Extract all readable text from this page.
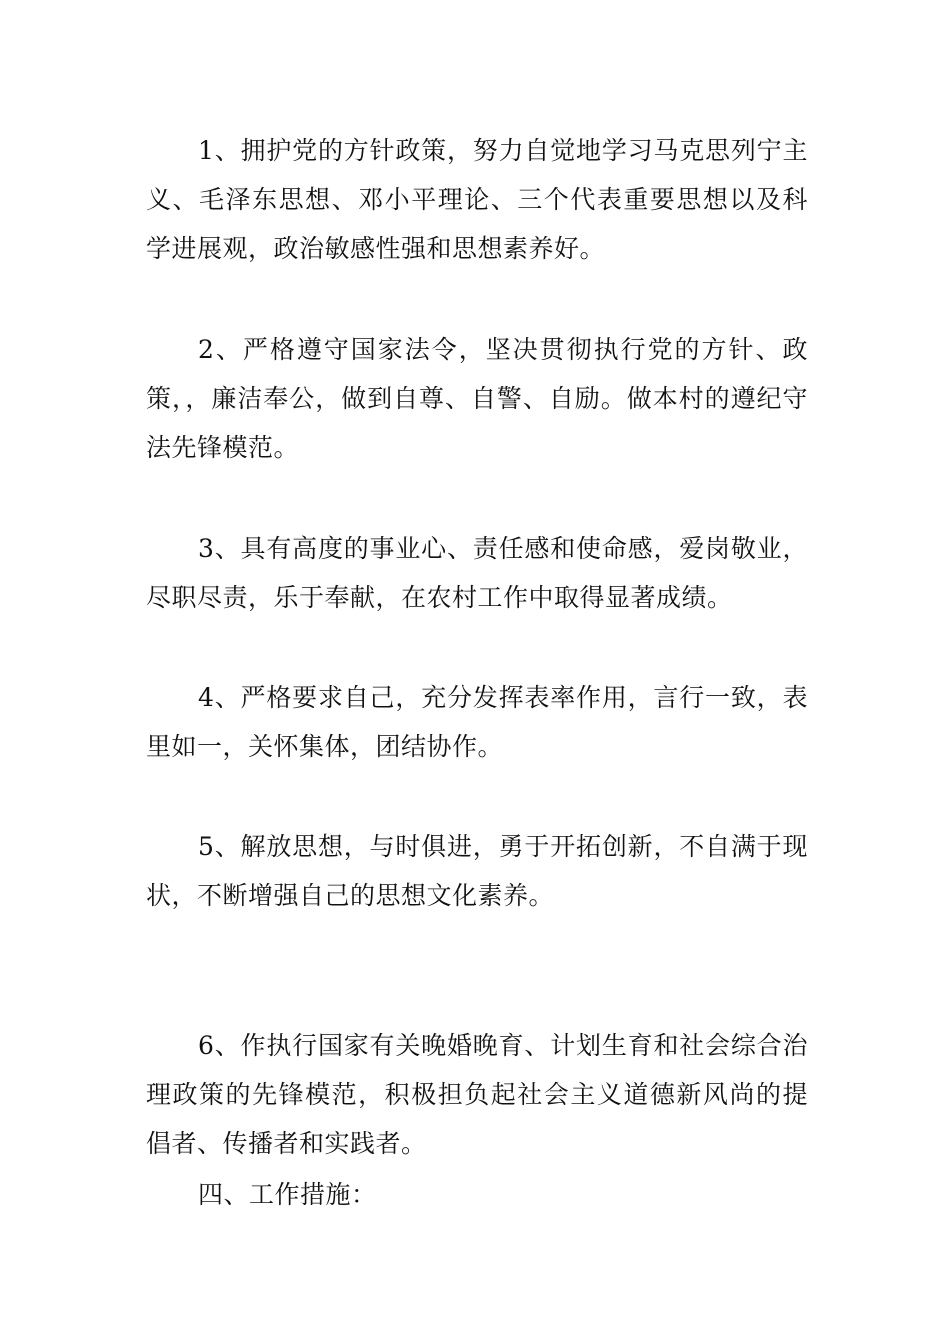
1、拥护党的方针政策，努力自觉地学习马克思列宁主义、毛泽东思想、邓小平理论、三个代表重要思想以及科学进展观，政治敏感性强和思想素养好。

2、严格遵守国家法令，坚决贯彻执行党的方针、政策，，廉洁奉公，做到自尊、自警、自励。做本村的遵纪守法先锋模范。

3、具有高度的事业心、责任感和使命感，爱岗敬业，尽职尽责，乐于奉献，在农村工作中取得显著成绩。

4、严格要求自己，充分发挥表率作用，言行一致，表里如一，关怀集体，团结协作。

5、解放思想，与时俱进，勇于开拓创新，不自满于现状，不断增强自己的思想文化素养。

6、作执行国家有关晚婚晚育、计划生育和社会综合治理政策的先锋模范，积极担负起社会主义道德新风尚的提倡者、传播者和实践者。

四、工作措施：
